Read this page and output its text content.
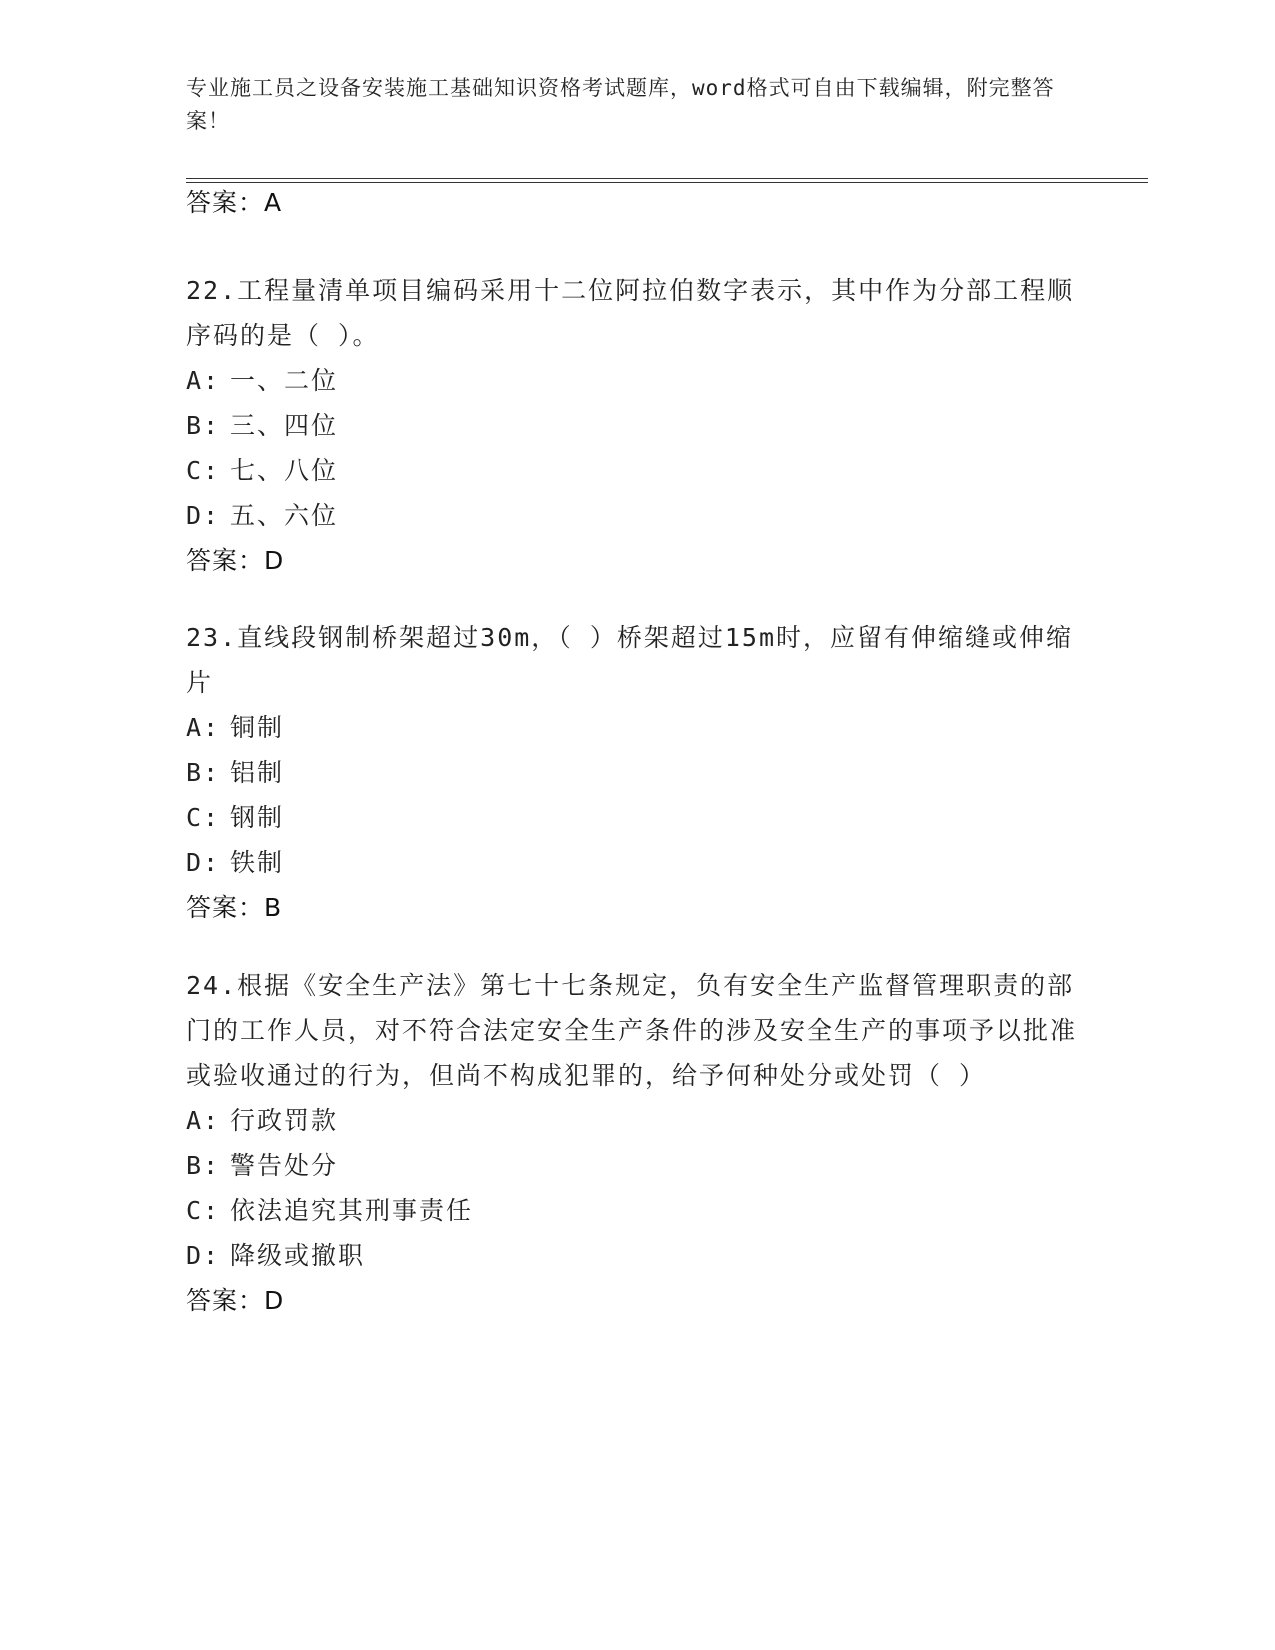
专业施工员之设备安装施工基础知识资格考试题库，word格式可自由下载编辑，附完整答案！
答案：A

22.工程量清单项目编码采用十二位阿拉伯数字表示，其中作为分部工程顺序码的是（ ）。

A: 一、二位

B: 三、四位

C: 七、八位

D: 五、六位

答案：D

23.直线段钢制桥架超过30m，（ ）桥架超过15m时，应留有伸缩缝或伸缩片

A: 铜制

B: 铝制

C: 钢制

D: 铁制

答案：B

24.根据《安全生产法》第七十七条规定，负有安全生产监督管理职责的部门的工作人员，对不符合法定安全生产条件的涉及安全生产的事项予以批准或验收通过的行为，但尚不构成犯罪的，给予何种处分或处罚（ ）

A: 行政罚款

B: 警告处分

C: 依法追究其刑事责任

D: 降级或撤职

答案：D
